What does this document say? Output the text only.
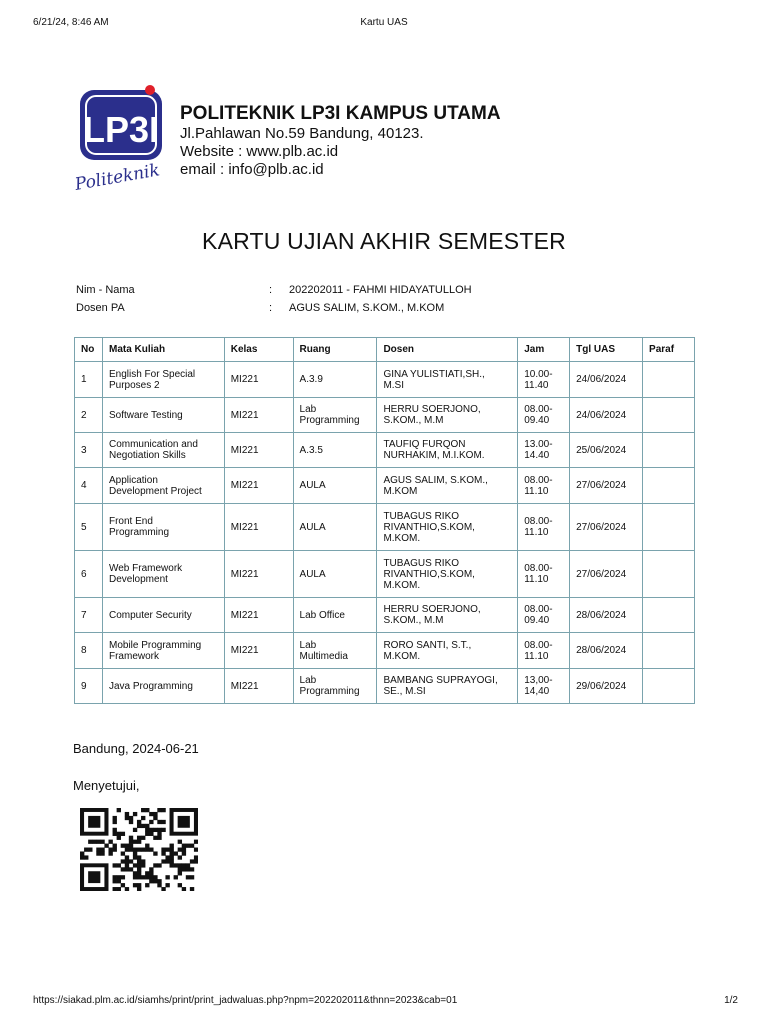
6/21/24, 8:46 AM	Kartu UAS
LP3I
Politeknik
POLITEKNIK LP3I KAMPUS UTAMA
Jl.Pahlawan No.59 Bandung, 40123.
Website : www.plb.ac.id
email : info@plb.ac.id
KARTU UJIAN AKHIR SEMESTER
Nim - Nama	: 202202011 - FAHMI HIDAYATULLOH
Dosen PA	: AGUS SALIM, S.KOM., M.KOM
No	Mata Kuliah	Kelas	Ruang	Dosen	Jam	Tgl UAS	Paraf
1	English For Special
Purposes 2	MI221	A.3.9	GINA YULISTIATI,SH.,
M.SI	10.00-
11.40	24/06/2024	
2	Software Testing	MI221	Lab
Programming	HERRU SOERJONO,
S.KOM., M.M	08.00-
09.40	24/06/2024	
3	Communication and
Negotiation Skills	MI221	A.3.5	TAUFIQ FURQON
NURHAKIM, M.I.KOM.	13.00-
14.40	25/06/2024	
4	Application
Development Project	MI221	AULA	AGUS SALIM, S.KOM.,
M.KOM	08.00-
11.10	27/06/2024	
5	Front End
Programming	MI221	AULA	TUBAGUS RIKO
RIVANTHIO,S.KOM,
M.KOM.	08.00-
11.10	27/06/2024	
6	Web Framework
Development	MI221	AULA	TUBAGUS RIKO
RIVANTHIO,S.KOM,
M.KOM.	08.00-
11.10	27/06/2024	
7	Computer Security	MI221	Lab Office	HERRU SOERJONO,
S.KOM., M.M	08.00-
09.40	28/06/2024	
8	Mobile Programming
Framework	MI221	Lab
Multimedia	RORO SANTI, S.T.,
M.KOM.	08.00-
11.10	28/06/2024	
9	Java Programming	MI221	Lab
Programming	BAMBANG SUPRAYOGI,
SE., M.SI	13,00-
14,40	29/06/2024	
Bandung, 2024-06-21
Menyetujui,
https://siakad.plm.ac.id/siamhs/print/print_jadwaluas.php?npm=202202011&thnn=2023&cab=01	1/2
